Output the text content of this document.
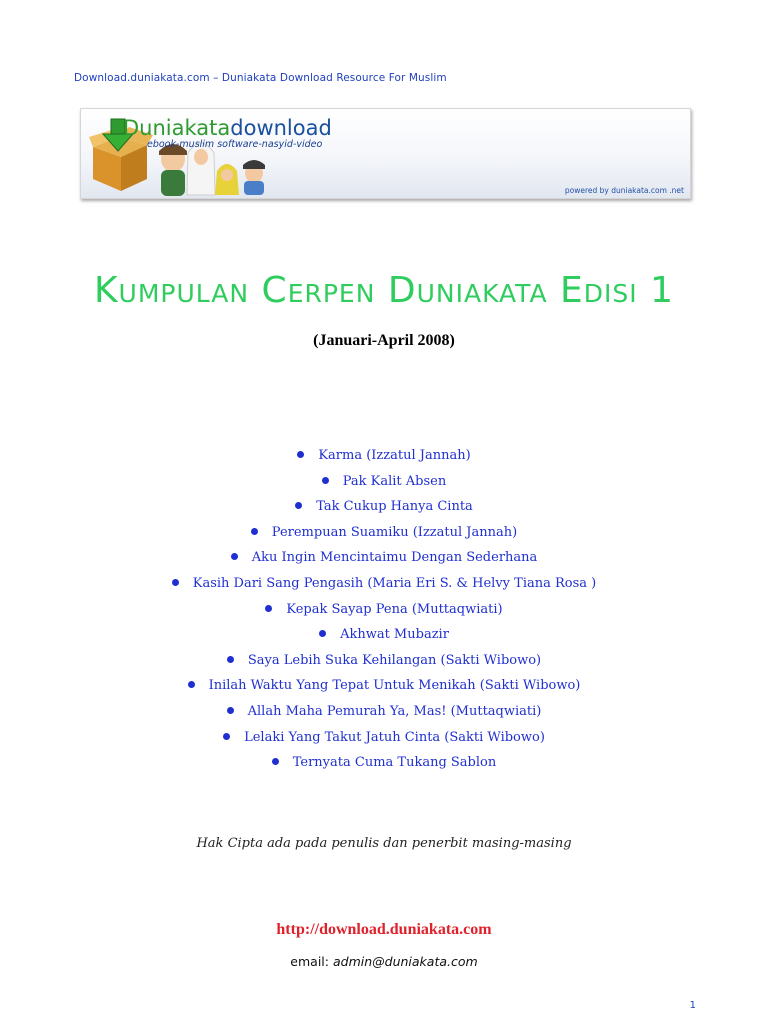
Download.duniakata.com – Duniakata Download Resource For Muslim
Duniakatadownload
ebook-muslim software-nasyid-video
powered by duniakata.com .net
Kumpulan Cerpen Duniakata Edisi 1
(Januari-April 2008)
Karma (Izzatul Jannah)
Pak Kalit Absen
Tak Cukup Hanya Cinta
Perempuan Suamiku (Izzatul Jannah)
Aku Ingin Mencintaimu Dengan Sederhana
Kasih Dari Sang Pengasih (Maria Eri S. & Helvy Tiana Rosa )
Kepak Sayap Pena (Muttaqwiati)
Akhwat Mubazir
Saya Lebih Suka Kehilangan (Sakti Wibowo)
Inilah Waktu Yang Tepat Untuk Menikah (Sakti Wibowo)
Allah Maha Pemurah Ya, Mas! (Muttaqwiati)
Lelaki Yang Takut Jatuh Cinta (Sakti Wibowo)
Ternyata Cuma Tukang Sablon
Hak Cipta ada pada penulis dan penerbit masing-masing
http://download.duniakata.com
email: admin@duniakata.com
1
